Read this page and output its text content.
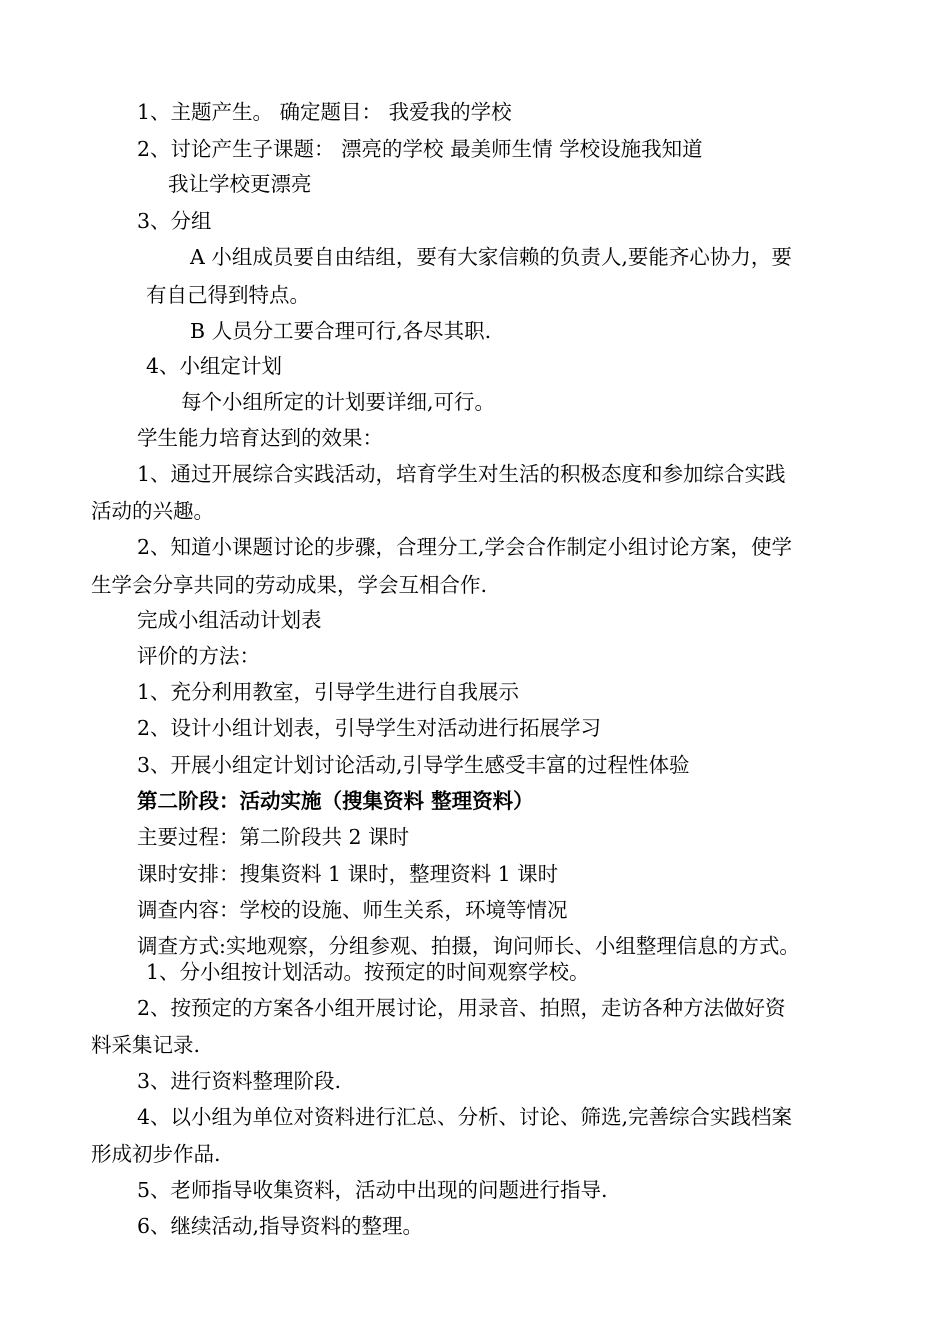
1、主题产生。 确定题目： 我爱我的学校
2、讨论产生子课题： 漂亮的学校 最美师生情 学校设施我知道
我让学校更漂亮
3、分组
A 小组成员要自由结组，要有大家信赖的负责人,要能齐心协力，要
有自己得到特点。
B 人员分工要合理可行,各尽其职.
4、小组定计划
每个小组所定的计划要详细,可行。
学生能力培育达到的效果：
1、通过开展综合实践活动，培育学生对生活的积极态度和参加综合实践
活动的兴趣。
2、知道小课题讨论的步骤，合理分工,学会合作制定小组讨论方案，使学
生学会分享共同的劳动成果，学会互相合作.
完成小组活动计划表
评价的方法：
1、充分利用教室，引导学生进行自我展示
2、设计小组计划表，引导学生对活动进行拓展学习
3、开展小组定计划讨论活动,引导学生感受丰富的过程性体验
第二阶段：活动实施（搜集资料 整理资料）
主要过程：第二阶段共 2 课时
课时安排：搜集资料 1 课时，整理资料 1 课时
调查内容：学校的设施、师生关系，环境等情况
调查方式:实地观察，分组参观、拍摄，询问师长、小组整理信息的方式。
1、分小组按计划活动。按预定的时间观察学校。
2、按预定的方案各小组开展讨论，用录音、拍照，走访各种方法做好资
料采集记录.
3、进行资料整理阶段.
4、以小组为单位对资料进行汇总、分析、讨论、筛选,完善综合实践档案
形成初步作品.
5、老师指导收集资料，活动中出现的问题进行指导.
6、继续活动,指导资料的整理。
